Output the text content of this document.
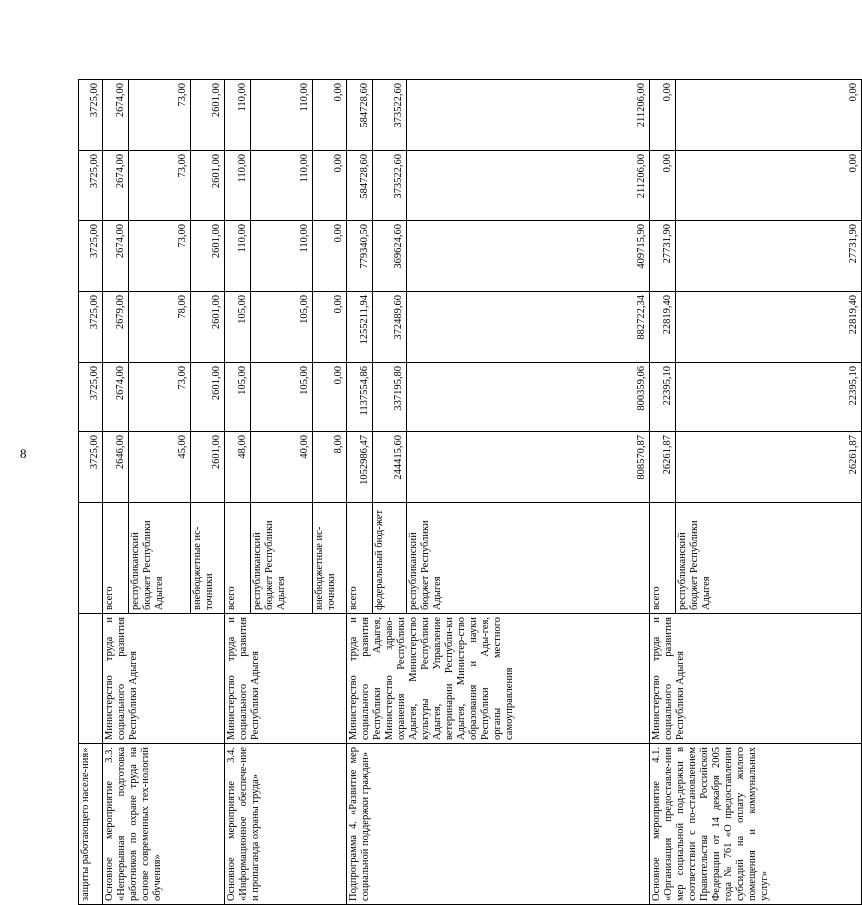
8
защиты работающего населе-ния»			3725,00	3725,00	3725,00	3725,00	3725,00	3725,00
Основное мероприятие 3.3. «Непрерывная подготовка работников по охране труда на основе современных тех-нологий обучения»	Министерство труда и социального развития Республики Адыгея	всего	2646,00	2674,00	2679,00	2674,00	2674,00	2674,00
		республиканский бюджет Республики Адыгея	45,00	73,00	78,00	73,00	73,00	73,00
		внебюджетные ис-точники	2601,00	2601,00	2601,00	2601,00	2601,00	2601,00
Основное мероприятие 3.4. «Информационное обеспече-ние и пропаганда охраны труда»	Министерство труда и социального развития Республики Адыгея	всего	48,00	105,00	105,00	110,00	110,00	110,00
		республиканский бюджет Республики Адыгея	40,00	105,00	105,00	110,00	110,00	110,00
		внебюджетные ис-точники	8,00	0,00	0,00	0,00	0,00	0,00
Подпрограмма 4. «Развитие мер социальной поддержки граждан»	Министерство труда и социального развития Республики Адыгея, Министерство здраво-охранения Республики Адыгея, Министерство культуры Республики Адыгея, Управление ветеринарии Республи-ки Адыгея, Министер-ство образования и науки Республики Ады-гея, органы местного самоуправления	всего	1052986,47	1137554,86	1255211,94	779340,50	584728,60	584728,60
		федеральный бюд-жет	244415,60	337195,80	372489,60	369624,60	373522,60	373522,60
		республиканский бюджет Республики Адыгея	808570,87	800359,06	882722,34	409715,90	211206,00	211206,00
Основное мероприятие 4.1. «Организация предоставле-ния мер социальной под-держки в соответствии с по-становлением Правительства Российской Федерации от 14 декабря 2005 года № 761 «О предоставлении субсидий на оплату жилого помещения и коммунальных услуг»	Министерство труда и социального развития Республики Адыгея	всего	26261,87	22395,10	22819,40	27731,90	0,00	0,00
		республиканский бюджет Республики Адыгея	26261,87	22395,10	22819,40	27731,90	0,00	0,00
